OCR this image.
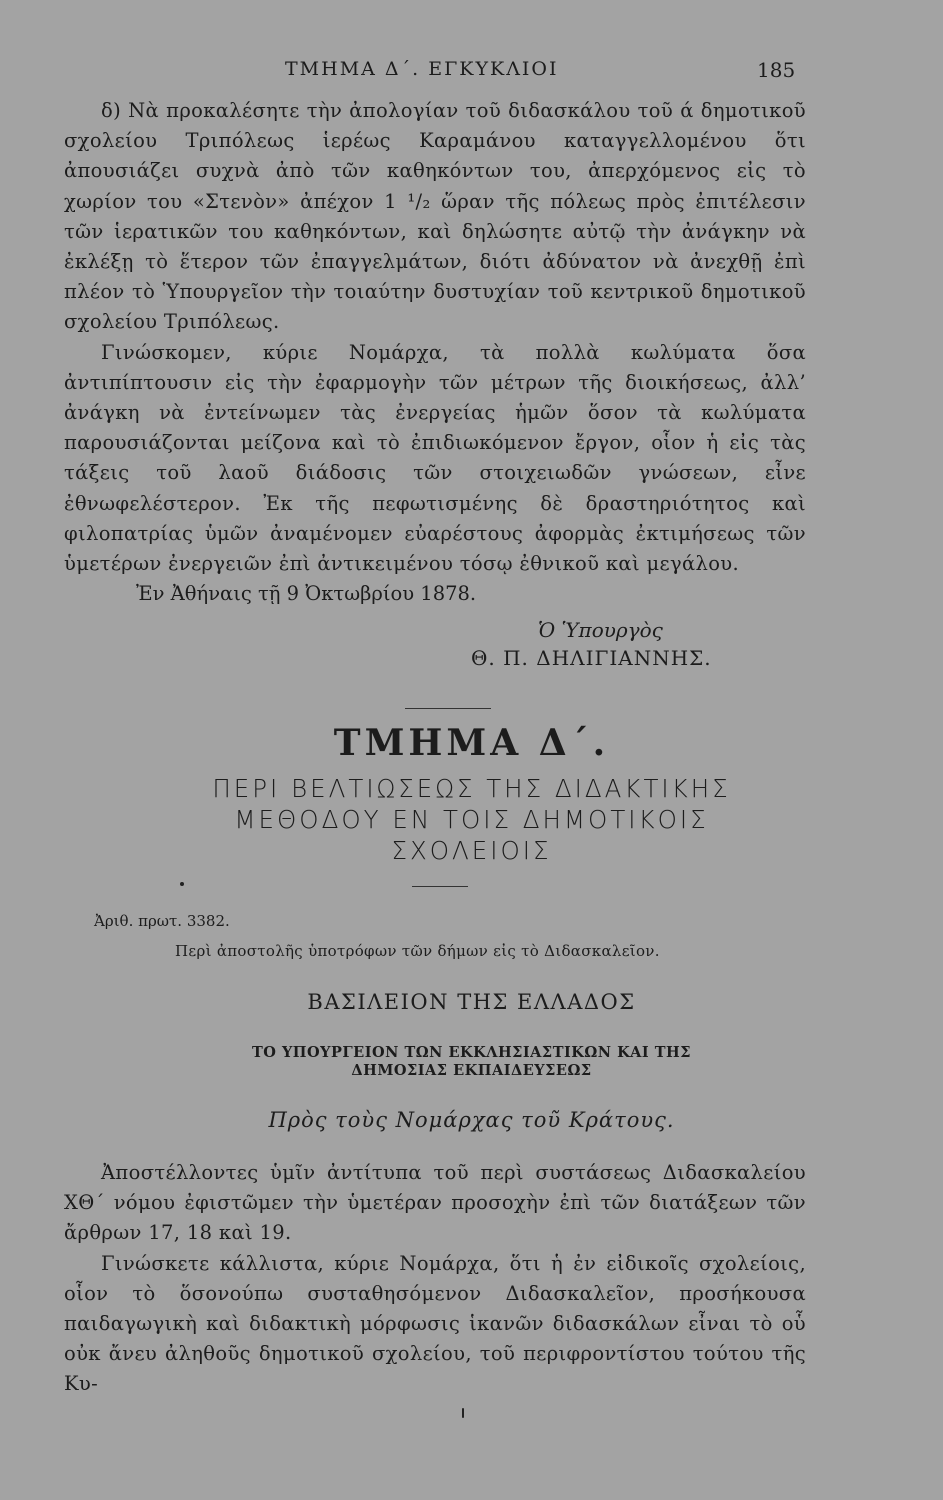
ΤΜΗΜΑ Δ΄. ΕΓΚΥΚΛΙΟΙ	185

δ) Νὰ προκαλέσητε τὴν ἀπολογίαν τοῦ διδασκάλου τοῦ ά δημοτικοῦ σχολείου Τριπόλεως ἱερέως Καραμάνου καταγγελλομένου ὅτι ἀπουσιάζει συχνὰ ἀπὸ τῶν καθηκόντων του, ἀπερχόμενος εἰς τὸ χωρίον του «Στενὸν» ἀπέχον 1 ¹/₂ ὥραν τῆς πόλεως πρὸς ἐπιτέλεσιν τῶν ἱερατικῶν του καθηκόντων, καὶ δηλώσητε αὐτῷ τὴν ἀνάγκην νὰ ἐκλέξῃ τὸ ἕτερον τῶν ἐπαγγελμάτων, διότι ἀδύνατον νὰ ἀνεχθῇ ἐπὶ πλέον τὸ Ὑπουργεῖον τὴν τοιαύτην δυστυχίαν τοῦ κεντρικοῦ δημοτικοῦ σχολείου Τριπόλεως.

Γινώσκομεν, κύριε Νομάρχα, τὰ πολλὰ κωλύματα ὅσα ἀντιπίπτουσιν εἰς τὴν ἐφαρμογὴν τῶν μέτρων τῆς διοικήσεως, ἀλλ’ ἀνάγκη νὰ ἐντείνωμεν τὰς ἐνεργείας ἡμῶν ὅσον τὰ κωλύματα παρουσιάζονται μείζονα καὶ τὸ ἐπιδιωκόμενον ἔργον, οἷον ἡ εἰς τὰς τάξεις τοῦ λαοῦ διάδοσις τῶν στοιχειωδῶν γνώσεων, εἶνε ἐθνωφελέστερον. Ἐκ τῆς πεφωτισμένης δὲ δραστηριότητος καὶ φιλοπατρίας ὑμῶν ἀναμένομεν εὐαρέστους ἀφορμὰς ἐκτιμήσεως τῶν ὑμετέρων ἐνεργειῶν ἐπὶ ἀντικειμένου τόσῳ ἐθνικοῦ καὶ μεγάλου.

Ἐν Ἀθήναις τῇ 9 Ὀκτωβρίου 1878.

Ὁ Ὑπουργὸς
Θ. Π. ΔΗΛΙΓΙΑΝΝΗΣ.
ΤΜΗΜΑ Δ΄.
ΠΕΡΙ ΒΕΛΤΙΩΣΕΩΣ ΤΗΣ ΔΙΔΑΚΤΙΚΗΣ
ΜΕΘΟΔΟΥ ΕΝ ΤΟΙΣ ΔΗΜΟΤΙΚΟΙΣ
ΣΧΟΛΕΙΟΙΣ
Ἀριθ. πρωτ. 3382.
Περὶ ἀποστολῆς ὑποτρόφων τῶν δήμων εἰς τὸ Διδασκαλεῖον.
ΒΑΣΙΛΕΙΟΝ ΤΗΣ ΕΛΛΑΔΟΣ
ΤΟ ΥΠΟΥΡΓΕΙΟΝ ΤΩΝ ΕΚΚΛΗΣΙΑΣΤΙΚΩΝ ΚΑΙ ΤΗΣ
ΔΗΜΟΣΙΑΣ ΕΚΠΑΙΔΕΥΣΕΩΣ
Πρὸς τοὺς Νομάρχας τοῦ Κράτους.

Ἀποστέλλοντες ὑμῖν ἀντίτυπα τοῦ περὶ συστάσεως Διδασκαλείου ΧΘ΄ νόμου ἐφιστῶμεν τὴν ὑμετέραν προσοχὴν ἐπὶ τῶν διατάξεων τῶν ἄρθρων 17, 18 καὶ 19.

Γινώσκετε κάλλιστα, κύριε Νομάρχα, ὅτι ἡ ἐν εἰδικοῖς σχολείοις, οἷον τὸ ὅσονούπω συσταθησόμενον Διδασκαλεῖον, προσήκουσα παιδαγωγικὴ καὶ διδακτικὴ μόρφωσις ἱκανῶν διδασκάλων εἶναι τὸ οὗ οὐκ ἄνευ ἀληθοῦς δημοτικοῦ σχολείου, τοῦ περιφροντίστου τούτου τῆς Κυ-
